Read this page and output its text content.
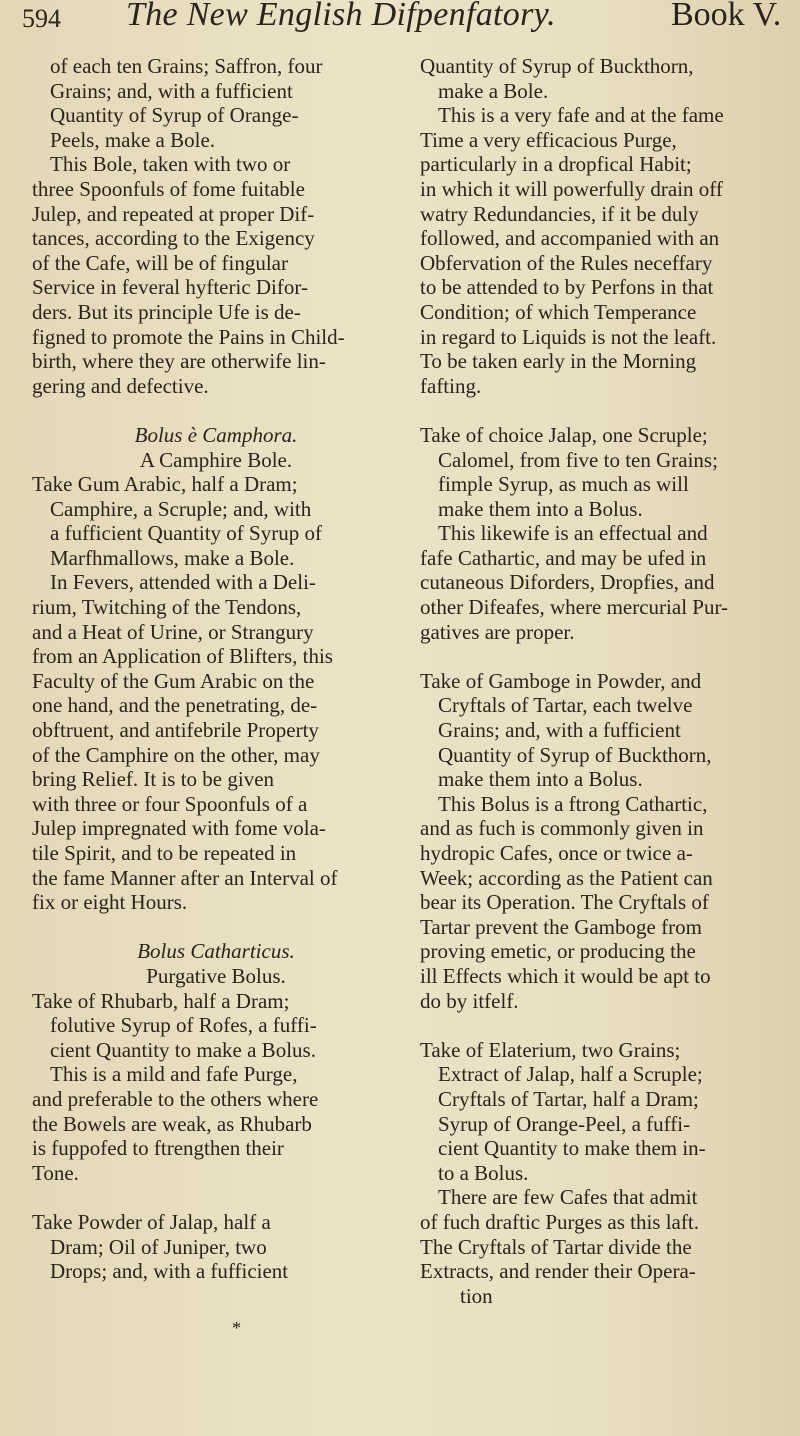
594 The New English Difpenfatory.	Book V.
of each ten Grains; Saffron, four
Grains; and, with a fufficient
Quantity of Syrup of Orange-
Peels, make a Bole.
This Bole, taken with two or
three Spoonfuls of fome fuitable
Julep, and repeated at proper Dif-
tances, according to the Exigency
of the Cafe, will be of fingular
Service in feveral hyfteric Difor-
ders. But its principle Ufe is de-
figned to promote the Pains in Child-
birth, where they are otherwife lin-
gering and defective.
Bolus è Camphora.
A Camphire Bole.
Take Gum Arabic, half a Dram;
Camphire, a Scruple; and, with
a fufficient Quantity of Syrup of
Marfhmallows, make a Bole.
In Fevers, attended with a Deli-
rium, Twitching of the Tendons,
and a Heat of Urine, or Strangury
from an Application of Blifters, this
Faculty of the Gum Arabic on the
one hand, and the penetrating, de-
obftruent, and antifebrile Property
of the Camphire on the other, may
bring Relief. It is to be given
with three or four Spoonfuls of a
Julep impregnated with fome vola-
tile Spirit, and to be repeated in
the fame Manner after an Interval of
fix or eight Hours.
Bolus Catharticus.
Purgative Bolus.
Take of Rhubarb, half a Dram;
folutive Syrup of Rofes, a fuffi-
cient Quantity to make a Bolus.
This is a mild and fafe Purge,
and preferable to the others where
the Bowels are weak, as Rhubarb
is fuppofed to ftrengthen their
Tone.
Take Powder of Jalap, half a
Dram; Oil of Juniper, two
Drops; and, with a fufficient
Quantity of Syrup of Buckthorn,
make a Bole.
This is a very fafe and at the fame
Time a very efficacious Purge,
particularly in a dropfical Habit;
in which it will powerfully drain off
watry Redundancies, if it be duly
followed, and accompanied with an
Obfervation of the Rules neceffary
to be attended to by Perfons in that
Condition; of which Temperance
in regard to Liquids is not the leaft.
To be taken early in the Morning
fafting.
Take of choice Jalap, one Scruple;
Calomel, from five to ten Grains;
fimple Syrup, as much as will
make them into a Bolus.
This likewife is an effectual and
fafe Cathartic, and may be ufed in
cutaneous Diforders, Dropfies, and
other Difeafes, where mercurial Pur-
gatives are proper.
Take of Gamboge in Powder, and
Cryftals of Tartar, each twelve
Grains; and, with a fufficient
Quantity of Syrup of Buckthorn,
make them into a Bolus.
This Bolus is a ftrong Cathartic,
and as fuch is commonly given in
hydropic Cafes, once or twice a-
Week; according as the Patient can
bear its Operation. The Cryftals of
Tartar prevent the Gamboge from
proving emetic, or producing the
ill Effects which it would be apt to
do by itfelf.
Take of Elaterium, two Grains;
Extract of Jalap, half a Scruple;
Cryftals of Tartar, half a Dram;
Syrup of Orange-Peel, a fuffi-
cient Quantity to make them in-
to a Bolus.
There are few Cafes that admit
of fuch draftic Purges as this laft.
The Cryftals of Tartar divide the
Extracts, and render their Opera-
tion
*
